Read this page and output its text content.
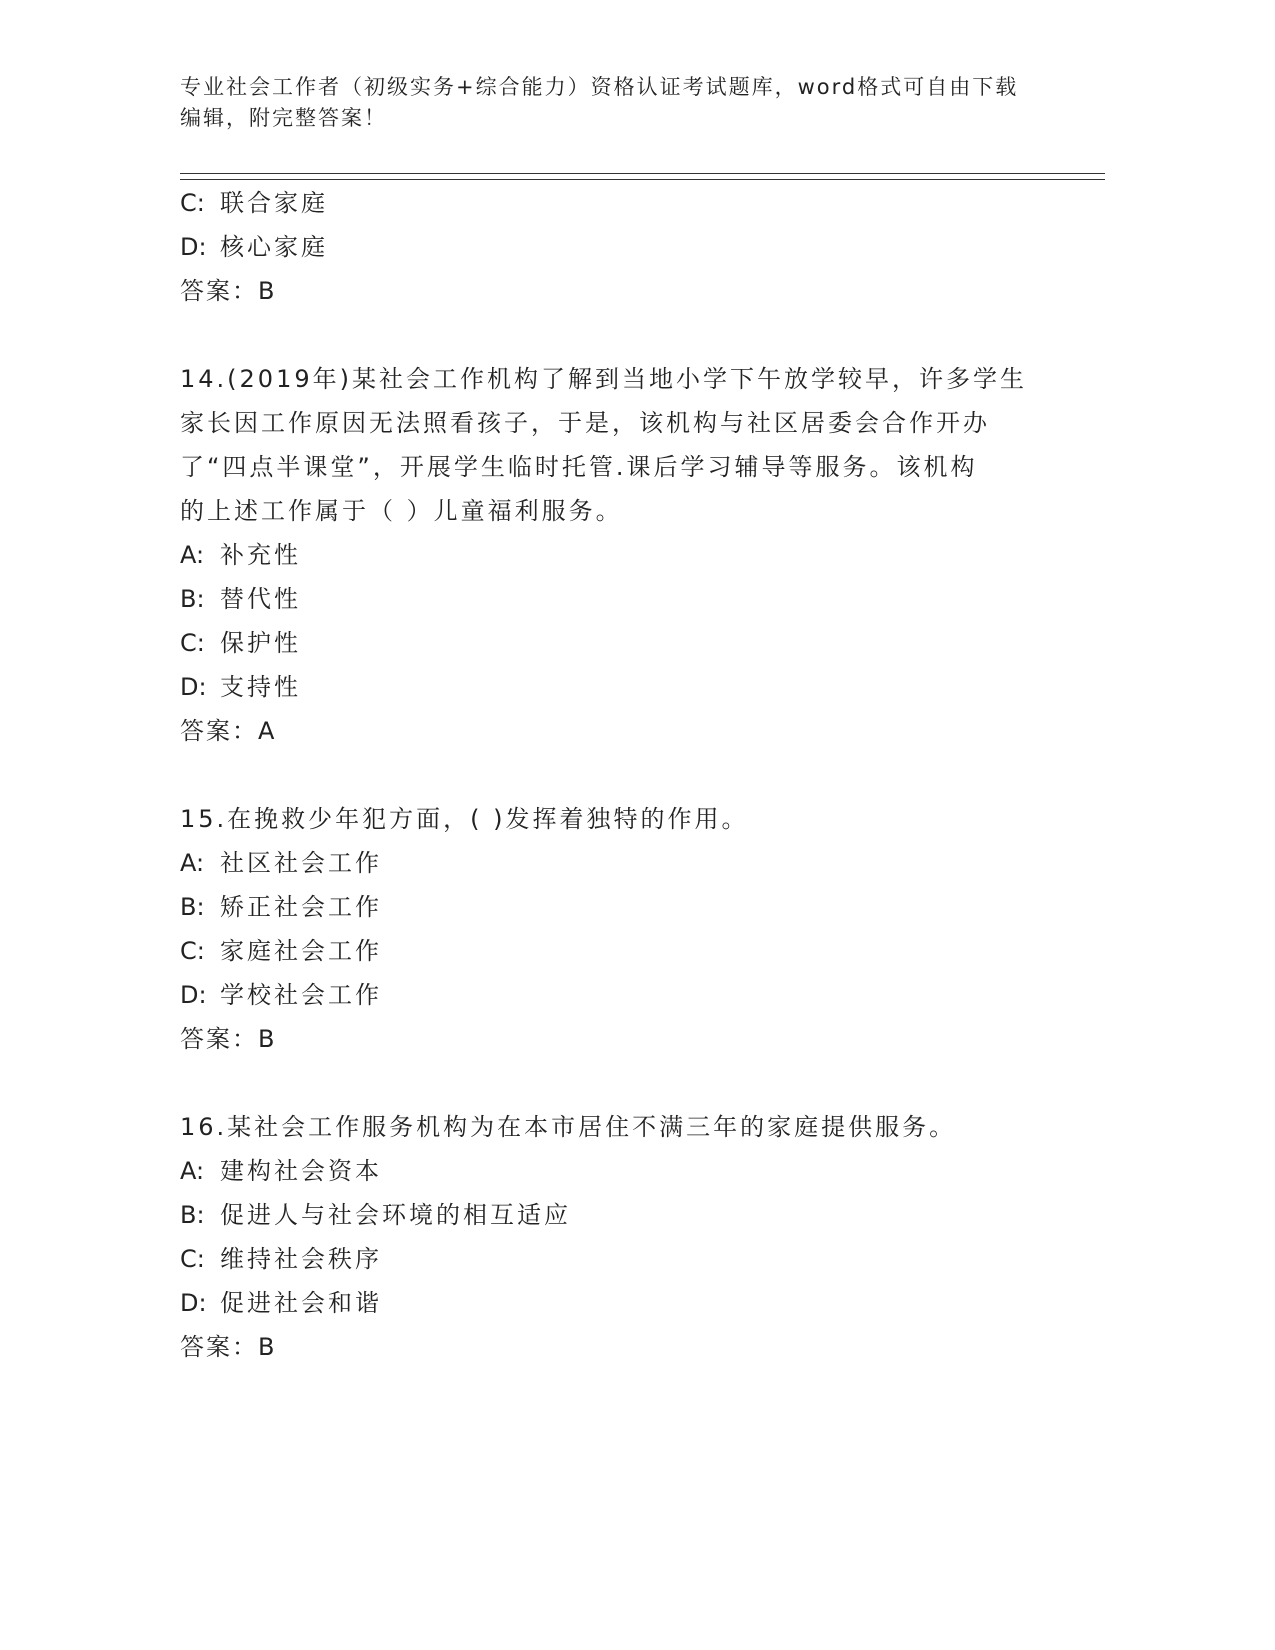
专业社会工作者（初级实务+综合能力）资格认证考试题库，word格式可自由下载
编辑，附完整答案！
C: 联合家庭
D: 核心家庭
答案：B
14.(2019年)某社会工作机构了解到当地小学下午放学较早，许多学生
家长因工作原因无法照看孩子，于是，该机构与社区居委会合作开办
了“四点半课堂”，开展学生临时托管.课后学习辅导等服务。该机构
的上述工作属于（ ）儿童福利服务。
A: 补充性
B: 替代性
C: 保护性
D: 支持性
答案：A
15.在挽救少年犯方面，( )发挥着独特的作用。
A: 社区社会工作
B: 矫正社会工作
C: 家庭社会工作
D: 学校社会工作
答案：B
16.某社会工作服务机构为在本市居住不满三年的家庭提供服务。
A: 建构社会资本
B: 促进人与社会环境的相互适应
C: 维持社会秩序
D: 促进社会和谐
答案：B
